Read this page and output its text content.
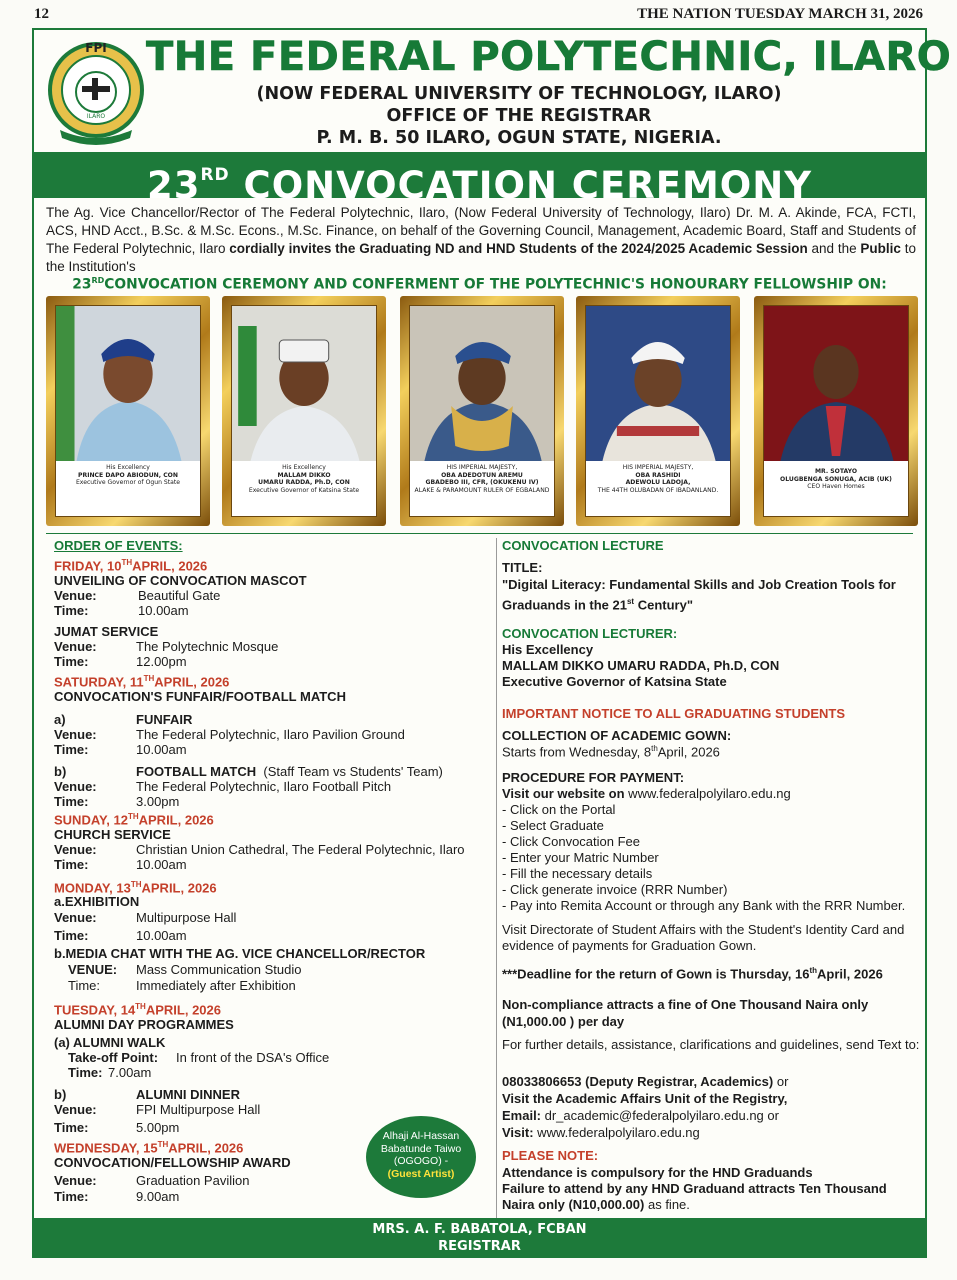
12	THE NATION TUESDAY MARCH 31, 2026
FPI
ILARO
THE FEDERAL POLYTECHNIC, ILARO
(NOW FEDERAL UNIVERSITY OF TECHNOLOGY, ILARO)
OFFICE OF THE REGISTRAR
P. M. B. 50 ILARO, OGUN STATE, NIGERIA.
23RD CONVOCATION CEREMONY
The Ag. Vice Chancellor/Rector of The Federal Polytechnic, Ilaro, (Now Federal University of Technology, Ilaro) Dr. M. A. Akinde, FCA, FCTI, ACS, HND Acct., B.Sc. & M.Sc. Econs., M.Sc. Finance, on behalf of the Governing Council, Management, Academic Board, Staff and Students of The Federal Polytechnic, Ilaro cordially invites the Graduating ND and HND Students of the 2024/2025 Academic Session and the Public to the Institution's
23RDCONVOCATION CEREMONY AND CONFERMENT OF THE POLYTECHNIC'S HONOURARY FELLOWSHIP ON:
His Excellency
PRINCE DAPO ABIODUN, CON
Executive Governor of Ogun State
His Excellency
MALLAM DIKKO
UMARU RADDA, Ph.D, CON
Executive Governor of Katsina State
HIS IMPERIAL MAJESTY,
OBA ADEDOTUN AREMU
GBADEBO III, CFR, (OKUKENU IV)
ALAKE & PARAMOUNT RULER OF EGBALAND
HIS IMPERIAL MAJESTY,
OBA RASHIDI
ADEWOLU LADOJA,
THE 44TH OLUBADAN OF IBADANLAND.
MR. SOTAYO
OLUGBENGA SONUGA, ACIB (UK)
CEO Haven Homes
ORDER OF EVENTS:
FRIDAY, 10THAPRIL, 2026
UNVEILING OF CONVOCATION MASCOT
Venue:	Beautiful Gate
Time:	10.00am
JUMAT SERVICE
Venue:	The Polytechnic Mosque
Time:	12.00pm
SATURDAY, 11THAPRIL, 2026
CONVOCATION'S FUNFAIR/FOOTBALL MATCH
a)	FUNFAIR
Venue:	The Federal Polytechnic, Ilaro Pavilion Ground
Time:	10.00am
b)	FOOTBALL MATCH (Staff Team vs Students' Team)
Venue:	The Federal Polytechnic, Ilaro Football Pitch
Time:	3.00pm
SUNDAY, 12THAPRIL, 2026
CHURCH SERVICE
Venue:	Christian Union Cathedral, The Federal Polytechnic, Ilaro
Time:	10.00am
MONDAY, 13THAPRIL, 2026
a.EXHIBITION
Venue:	Multipurpose Hall
Time:	10.00am
b.MEDIA CHAT WITH THE AG. VICE CHANCELLOR/RECTOR
VENUE: Mass Communication Studio
Time:	Immediately after Exhibition
TUESDAY, 14THAPRIL, 2026
ALUMNI DAY PROGRAMMES
(a) ALUMNI WALK
Take-off Point: In front of the DSA's Office
Time: 7.00am
b)	ALUMNI DINNER
Venue:	FPI Multipurpose Hall
Time:	5.00pm
WEDNESDAY, 15THAPRIL, 2026
CONVOCATION/FELLOWSHIP AWARD
Venue:	Graduation Pavilion
Time:	9.00am
Alhaji Al-Hassan
Babatunde Taiwo
(OGOGO) -
(Guest Artist)
CONVOCATION LECTURE
TITLE:
"Digital Literacy: Fundamental Skills and Job Creation Tools for Graduands in the 21st Century"
CONVOCATION LECTURER:
His Excellency
MALLAM DIKKO UMARU RADDA, Ph.D, CON
Executive Governor of Katsina State
IMPORTANT NOTICE TO ALL GRADUATING STUDENTS
COLLECTION OF ACADEMIC GOWN:
Starts from Wednesday, 8thApril, 2026
PROCEDURE FOR PAYMENT:
Visit our website on www.federalpolyilaro.edu.ng
- Click on the Portal
- Select Graduate
- Click Convocation Fee
- Enter your Matric Number
- Fill the necessary details
- Click generate invoice (RRR Number)
- Pay into Remita Account or through any Bank with the RRR Number.
Visit Directorate of Student Affairs with the Student's Identity Card and evidence of payments for Graduation Gown.
***Deadline for the return of Gown is Thursday, 16thApril, 2026
Non-compliance attracts a fine of One Thousand Naira only (N1,000.00 ) per day
For further details, assistance, clarifications and guidelines, send Text to:
08033806653 (Deputy Registrar, Academics) or
Visit the Academic Affairs Unit of the Registry,
Email: dr_academic@federalpolyilaro.edu.ng or
Visit: www.federalpolyilaro.edu.ng
PLEASE NOTE:
Attendance is compulsory for the HND Graduands
Failure to attend by any HND Graduand attracts Ten Thousand Naira only (N10,000.00) as fine.
MRS. A. F. BABATOLA, FCBAN
REGISTRAR
